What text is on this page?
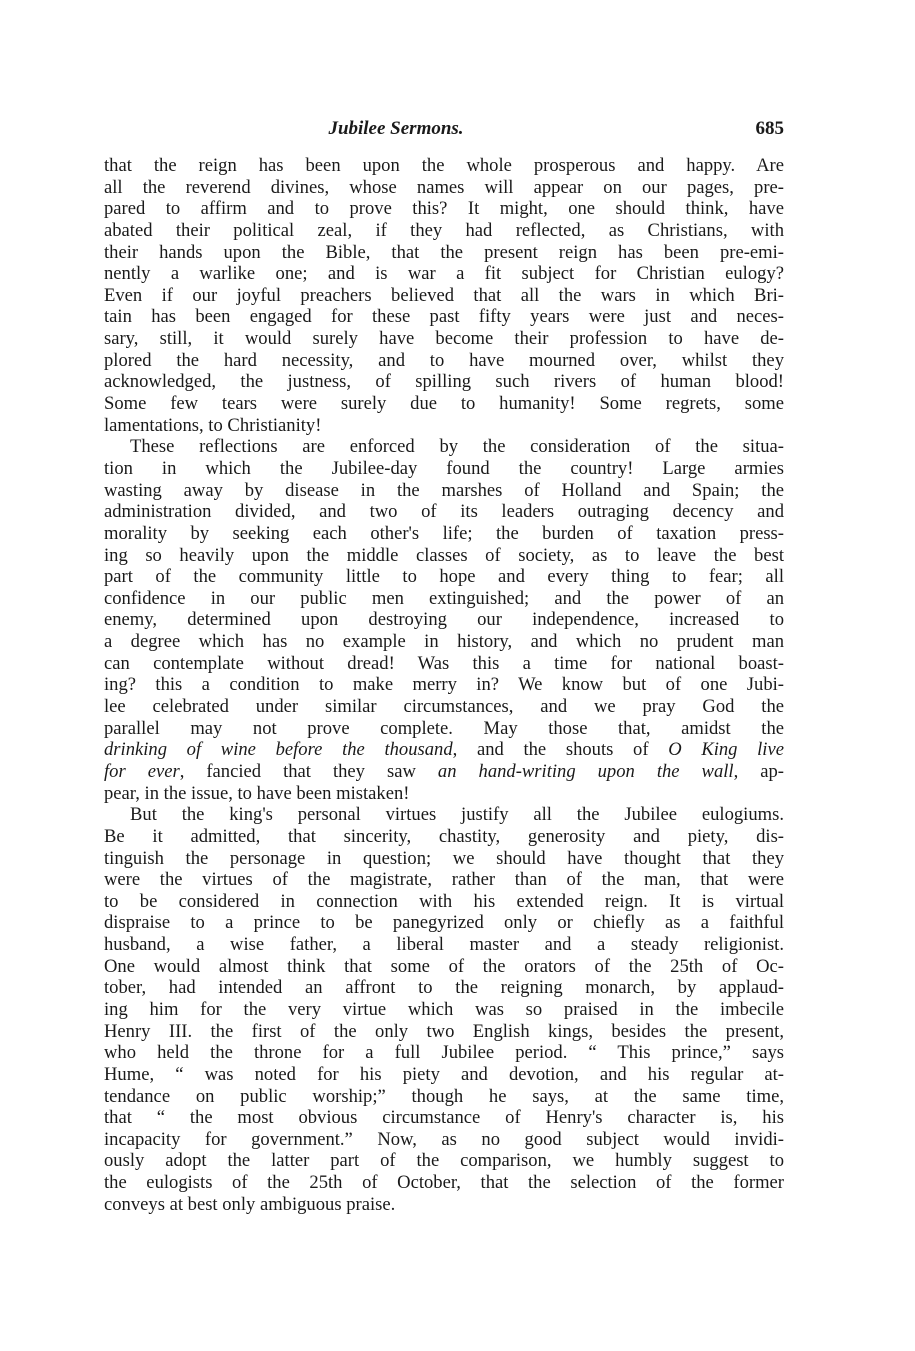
Jubilee Sermons.	685
that the reign has been upon the whole prosperous and happy. Are
all the reverend divines, whose names will appear on our pages, pre-
pared to affirm and to prove this? It might, one should think, have
abated their political zeal, if they had reflected, as Christians, with
their hands upon the Bible, that the present reign has been pre-emi-
nently a warlike one; and is war a fit subject for Christian eulogy?
Even if our joyful preachers believed that all the wars in which Bri-
tain has been engaged for these past fifty years were just and neces-
sary, still, it would surely have become their profession to have de-
plored the hard necessity, and to have mourned over, whilst they
acknowledged, the justness, of spilling such rivers of human blood!
Some few tears were surely due to humanity! Some regrets, some
lamentations, to Christianity!
These reflections are enforced by the consideration of the situa-
tion in which the Jubilee-day found the country! Large armies
wasting away by disease in the marshes of Holland and Spain; the
administration divided, and two of its leaders outraging decency and
morality by seeking each other's life; the burden of taxation press-
ing so heavily upon the middle classes of society, as to leave the best
part of the community little to hope and every thing to fear; all
confidence in our public men extinguished; and the power of an
enemy, determined upon destroying our independence, increased to
a degree which has no example in history, and which no prudent man
can contemplate without dread! Was this a time for national boast-
ing? this a condition to make merry in? We know but of one Jubi-
lee celebrated under similar circumstances, and we pray God the
parallel may not prove complete. May those that, amidst the
drinking of wine before the thousand, and the shouts of O King live
for ever, fancied that they saw an hand-writing upon the wall, ap-
pear, in the issue, to have been mistaken!
But the king's personal virtues justify all the Jubilee eulogiums.
Be it admitted, that sincerity, chastity, generosity and piety, dis-
tinguish the personage in question; we should have thought that they
were the virtues of the magistrate, rather than of the man, that were
to be considered in connection with his extended reign. It is virtual
dispraise to a prince to be panegyrized only or chiefly as a faithful
husband, a wise father, a liberal master and a steady religionist.
One would almost think that some of the orators of the 25th of Oc-
tober, had intended an affront to the reigning monarch, by applaud-
ing him for the very virtue which was so praised in the imbecile
Henry III. the first of the only two English kings, besides the present,
who held the throne for a full Jubilee period. “ This prince,” says
Hume, “ was noted for his piety and devotion, and his regular at-
tendance on public worship;” though he says, at the same time,
that “ the most obvious circumstance of Henry's character is, his
incapacity for government.” Now, as no good subject would invidi-
ously adopt the latter part of the comparison, we humbly suggest to
the eulogists of the 25th of October, that the selection of the former
conveys at best only ambiguous praise.
